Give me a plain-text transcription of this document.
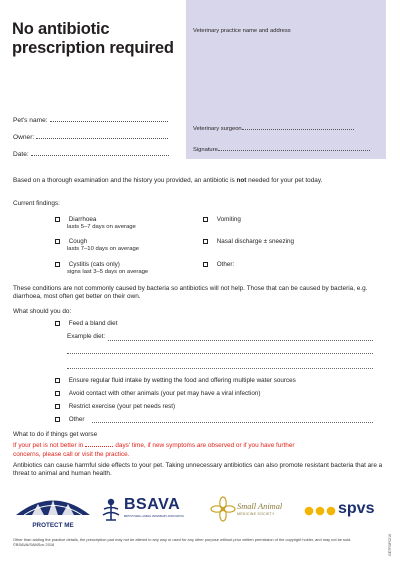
No antibiotic prescription required
Veterinary practice name and address
Veterinary surgeon
Signature
Pet's name:
Owner:
Date:
Based on a thorough examination and the history you provided, an antibiotic is not needed for your pet today.
Current findings:
Diarrhoea
lasts 5–7 days on average
Cough
lasts 7–10 days on average
Cystitis (cats only)
signs last 3–5 days on average
Vomiting
Nasal discharge ± sneezing
Other:
These conditions are not commonly caused by bacteria so antibiotics will not help. Those that can be caused by bacteria, e.g. diarrhoea, most often get better on their own.
What should you do:
Feed a bland diet
Example diet:
Ensure regular fluid intake by wetting the food and offering multiple water sources
Avoid contact with other animals (your pet may have a viral infection)
Restrict exercise (your pet needs rest)
Other
What to do if things get worse
If your pet is not better in	days' time, if new symptoms are observed or if you have further
concerns, please call or visit the practice.
Antibiotics can cause harmful side effects to your pet. Taking unnecessary antibiotics can also promote resistant bacteria that are a threat to animal and human health.
PROTECT ME
BSAVA
BRITISH SMALL ANIMAL VETERINARY ASSOCIATION
Small Animal
MEDICINE SOCIETY	spvs
Other than adding the practice details, the prescription pad may not be altered in any way or used for any other purpose without prior written permission of the copyright holder, and may not be sold. ©BSAVA/SAMSoc 2018	GETPDF0218
